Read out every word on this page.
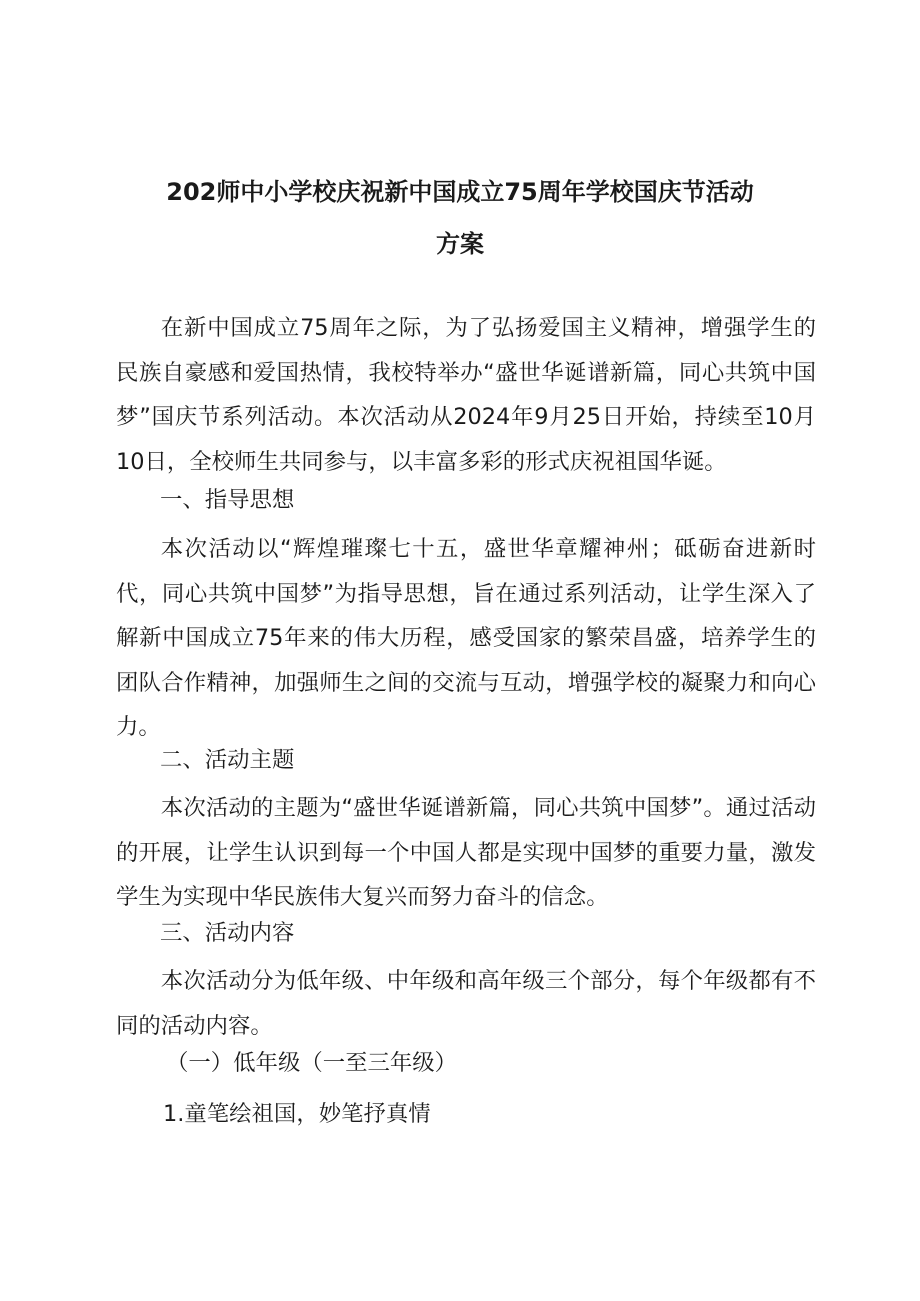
202师中小学校庆祝新中国成立75周年学校国庆节活动
方案

在新中国成立75周年之际，为了弘扬爱国主义精神，增强学生的民族自豪感和爱国热情，我校特举办“盛世华诞谱新篇，同心共筑中国梦”国庆节系列活动。本次活动从2024年9月25日开始，持续至10月10日，全校师生共同参与，以丰富多彩的形式庆祝祖国华诞。

一、指导思想

本次活动以“辉煌璀璨七十五，盛世华章耀神州；砥砺奋进新时代，同心共筑中国梦”为指导思想，旨在通过系列活动，让学生深入了解新中国成立75年来的伟大历程，感受国家的繁荣昌盛，培养学生的团队合作精神，加强师生之间的交流与互动，增强学校的凝聚力和向心力。

二、活动主题

本次活动的主题为“盛世华诞谱新篇，同心共筑中国梦”。通过活动的开展，让学生认识到每一个中国人都是实现中国梦的重要力量，激发学生为实现中华民族伟大复兴而努力奋斗的信念。

三、活动内容

本次活动分为低年级、中年级和高年级三个部分，每个年级都有不同的活动内容。

（一）低年级（一至三年级）

1.童笔绘祖国，妙笔抒真情
